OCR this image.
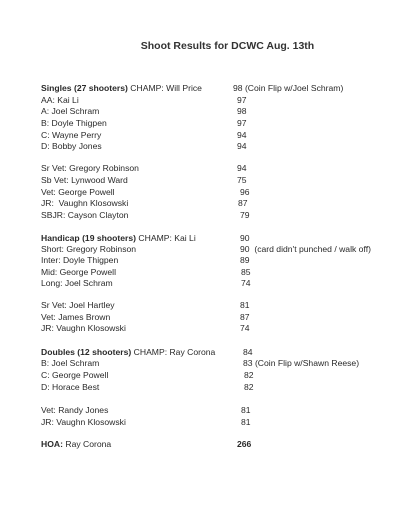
Shoot Results for DCWC Aug. 13th
Singles (27 shooters) CHAMP: Will Price	98 (Coin Flip w/Joel Schram)
AA: Kai Li	97
A: Joel Schram	98
B: Doyle Thigpen	97
C: Wayne Perry	94
D: Bobby Jones	94
Sr Vet: Gregory Robinson	94
Sb Vet: Lynwood Ward	75
Vet: George Powell	96
JR:  Vaughn Klosowski	87
SBJR: Cayson Clayton	79
Handicap (19 shooters) CHAMP: Kai Li	90
Short: Gregory Robinson	90  (card didn't punched / walk off)
Inter: Doyle Thigpen	89
Mid: George Powell	85
Long: Joel Schram	74
Sr Vet: Joel Hartley	81
Vet: James Brown	87
JR: Vaughn Klosowski	74
Doubles (12 shooters) CHAMP: Ray Corona	84
B: Joel Schram	83 (Coin Flip w/Shawn Reese)
C: George Powell	82
D: Horace Best	82
Vet: Randy Jones	81
JR: Vaughn Klosowski	81
HOA: Ray Corona	266
